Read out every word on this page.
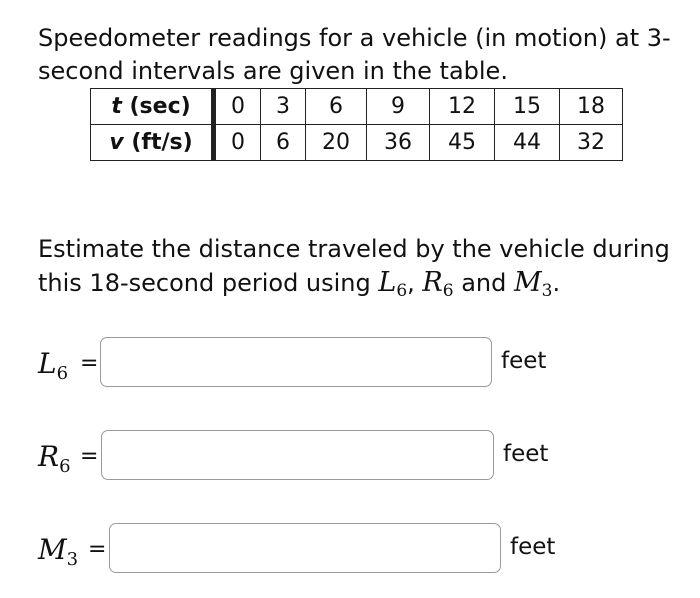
Speedometer readings for a vehicle (in motion) at 3-second intervals are given in the table.

t (sec)	0	3	6	9	12	15	18
v (ft/s)	0	6	20	36	45	44	32

Estimate the distance traveled by the vehicle during this 18-second period using $L_6$, $R_6$ and $M_3$.

$L_6$ =	feet
$R_6$ =	feet
$M_3$ =	feet
